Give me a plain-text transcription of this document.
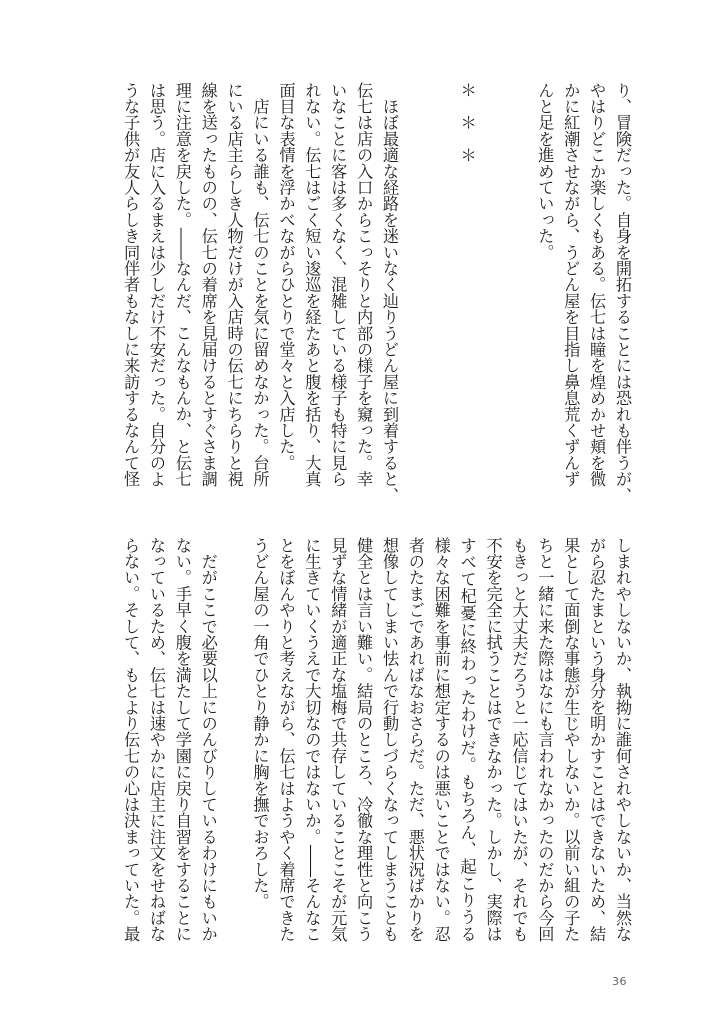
り、冒険だった。自身を開拓することには恐れも伴うが、
やはりどこか楽しくもある。伝七は瞳を煌めかせ頬を微
かに紅潮させながら、うどん屋を目指し鼻息荒くずんず
んと足を進めていった。
＊　＊　＊
　ほぼ最適な経路を迷いなく辿りうどん屋に到着すると、
伝七は店の入口からこっそりと内部の様子を窺った。幸
いなことに客は多くなく、混雑している様子も特に見ら
れない。伝七はごく短い逡巡を経たあと腹を括り、大真
面目な表情を浮かべながらひとりで堂々と入店した。
　店にいる誰も、伝七のことを気に留めなかった。台所
にいる店主らしき人物だけが入店時の伝七にちらりと視
線を送ったものの、伝七の着席を見届けるとすぐさま調
理に注意を戻した。――なんだ、こんなもんか、と伝七
は思う。店に入るまえは少しだけ不安だった。自分のよ
うな子供が友人らしき同伴者もなしに来訪するなんて怪
しまれやしないか、執拗に誰何されやしないか、当然な
がら忍たまという身分を明かすことはできないため、結
果として面倒な事態が生じやしないか。以前い組の子た
ちと一緒に来た際はなにも言われなかったのだから今回
もきっと大丈夫だろうと一応信じてはいたが、それでも
不安を完全に拭うことはできなかった。しかし、実際は
すべて杞憂に終わったわけだ。もちろん、起こりうる
様々な困難を事前に想定するのは悪いことではない。忍
者のたまごであればなおさらだ。ただ、悪状況ばかりを
想像してしまい怯んで行動しづらくなってしまうことも
健全とは言い難い。結局のところ、冷徹な理性と向こう
見ずな情緒が適正な塩梅で共存していることこそが元気
に生きていくうえで大切なのではないか。――そんなこ
とをぼんやりと考えながら、伝七はようやく着席できた
うどん屋の一角でひとり静かに胸を撫でおろした。
　だがここで必要以上にのんびりしているわけにもいか
ない。手早く腹を満たして学園に戻り自習をすることに
なっているため、伝七は速やかに店主に注文をせねばな
らない。そして、もとより伝七の心は決まっていた。最
36
